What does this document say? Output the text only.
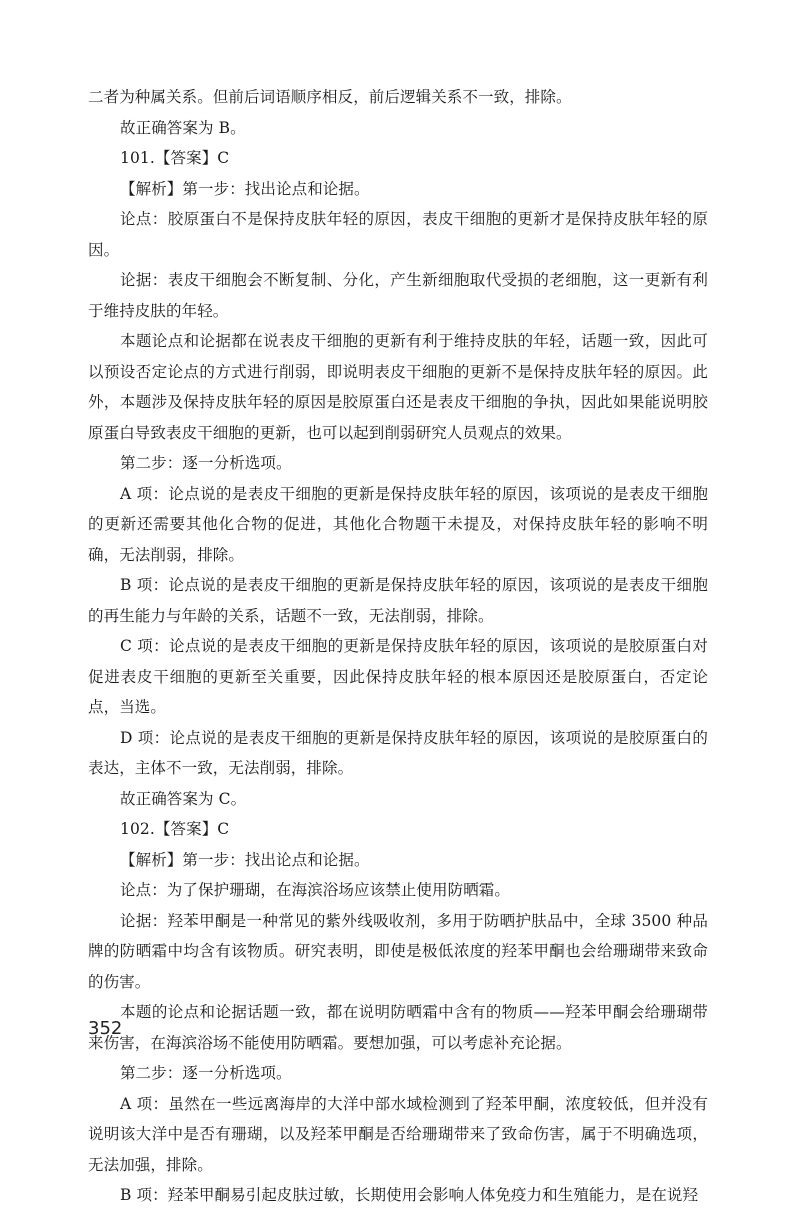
二者为种属关系。但前后词语顺序相反，前后逻辑关系不一致，排除。

故正确答案为 B。

101.【答案】C

【解析】第一步：找出论点和论据。

论点：胶原蛋白不是保持皮肤年轻的原因，表皮干细胞的更新才是保持皮肤年轻的原因。

论据：表皮干细胞会不断复制、分化，产生新细胞取代受损的老细胞，这一更新有利于维持皮肤的年轻。

本题论点和论据都在说表皮干细胞的更新有利于维持皮肤的年轻，话题一致，因此可以预设否定论点的方式进行削弱，即说明表皮干细胞的更新不是保持皮肤年轻的原因。此外，本题涉及保持皮肤年轻的原因是胶原蛋白还是表皮干细胞的争执，因此如果能说明胶原蛋白导致表皮干细胞的更新，也可以起到削弱研究人员观点的效果。

第二步：逐一分析选项。

A 项：论点说的是表皮干细胞的更新是保持皮肤年轻的原因，该项说的是表皮干细胞的更新还需要其他化合物的促进，其他化合物题干未提及，对保持皮肤年轻的影响不明确，无法削弱，排除。

B 项：论点说的是表皮干细胞的更新是保持皮肤年轻的原因，该项说的是表皮干细胞的再生能力与年龄的关系，话题不一致，无法削弱，排除。

C 项：论点说的是表皮干细胞的更新是保持皮肤年轻的原因，该项说的是胶原蛋白对促进表皮干细胞的更新至关重要，因此保持皮肤年轻的根本原因还是胶原蛋白，否定论点，当选。

D 项：论点说的是表皮干细胞的更新是保持皮肤年轻的原因，该项说的是胶原蛋白的表达，主体不一致，无法削弱，排除。

故正确答案为 C。

102.【答案】C

【解析】第一步：找出论点和论据。

论点：为了保护珊瑚，在海滨浴场应该禁止使用防晒霜。

论据：羟苯甲酮是一种常见的紫外线吸收剂，多用于防晒护肤品中，全球 3500 种品牌的防晒霜中均含有该物质。研究表明，即使是极低浓度的羟苯甲酮也会给珊瑚带来致命的伤害。

本题的论点和论据话题一致，都在说明防晒霜中含有的物质——羟苯甲酮会给珊瑚带来伤害，在海滨浴场不能使用防晒霜。要想加强，可以考虑补充论据。

第二步：逐一分析选项。

A 项：虽然在一些远离海岸的大洋中部水域检测到了羟苯甲酮，浓度较低，但并没有说明该大洋中是否有珊瑚，以及羟苯甲酮是否给珊瑚带来了致命伤害，属于不明确选项，无法加强，排除。

B 项：羟苯甲酮易引起皮肤过敏，长期使用会影响人体免疫力和生殖能力，是在说羟

352
